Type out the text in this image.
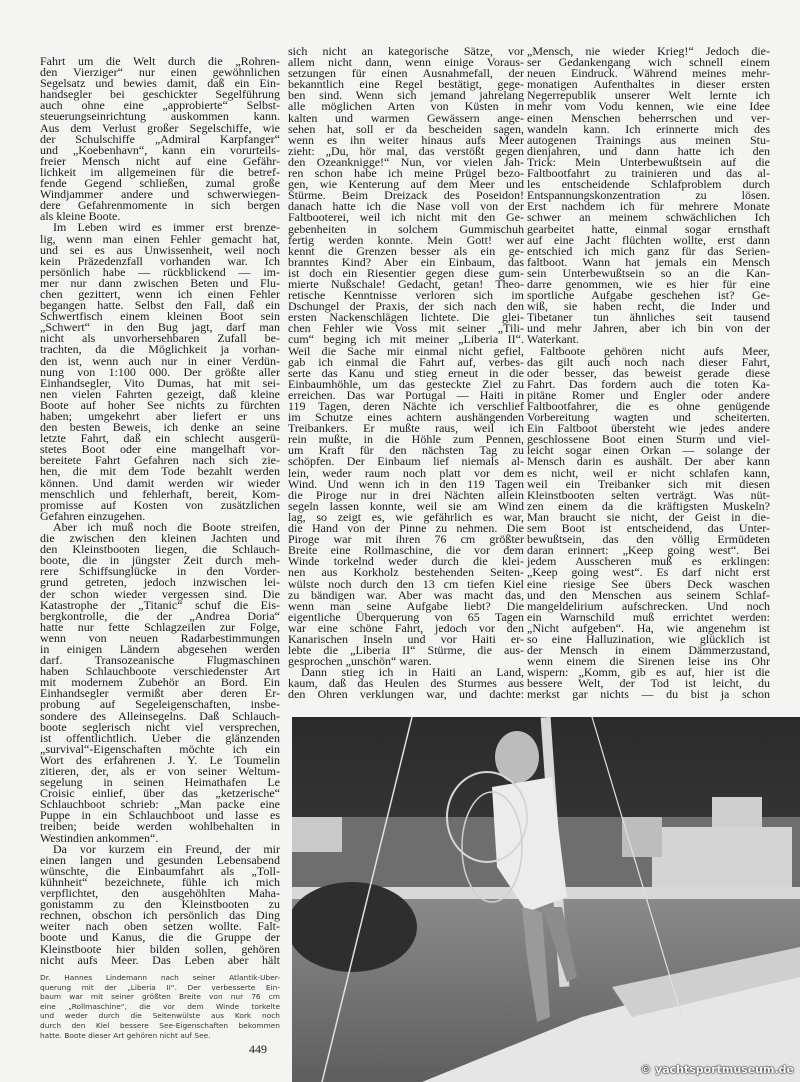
Fahrt um die Welt durch die „Rohren-
den Vierziger“ nur einen gewöhnlichen
Segelsatz und bewies damit, daß ein Ein-
handsegler bei geschickter Segelführung
auch ohne eine „approbierte“ Selbst-
steuerungseinrichtung auskommen kann.
Aus dem Verlust großer Segelschiffe, wie
der Schulschiffe „Admiral Karpfanger“
und „Koebenhavn“, kann ein vorurteils-
freier Mensch nicht auf eine Gefähr-
lichkeit im allgemeinen für die betref-
fende Gegend schließen, zumal große
Windjammer andere und schwerwiegen-
dere Gefahrenmomente in sich bergen
als kleine Boote.
Im Leben wird es immer erst brenze-
lig, wenn man einen Fehler gemacht hat,
und sei es aus Unwissenheit, weil noch
kein Präzedenzfall vorhanden war. Ich
persönlich habe — rückblickend — im-
mer nur dann zwischen Beten und Flu-
chen gezittert, wenn ich einen Fehler
begangen hatte. Selbst den Fall, daß ein
Schwertfisch einem kleinen Boot sein
„Schwert“ in den Bug jagt, darf man
nicht als unvorhersehbaren Zufall be-
trachten, da die Möglichkeit ja vorhan-
den ist, wenn auch nur in einer Verdün-
nung von 1:100 000. Der größte aller
Einhandsegler, Vito Dumas, hat mit sei-
nen vielen Fahrten gezeigt, daß kleine
Boote auf hoher See nichts zu fürchten
haben; umgekehrt aber liefert er uns
den besten Beweis, ich denke an seine
letzte Fahrt, daß ein schlecht ausgerü-
stetes Boot oder eine mangelhaft vor-
bereitete Fahrt Gefahren nach sich zie-
hen, die mit dem Tode bezahlt werden
können. Und damit werden wir wieder
menschlich und fehlerhaft, bereit, Kom-
promisse auf Kosten von zusätzlichen
Gefahren einzugehen.
Aber ich muß noch die Boote streifen,
die zwischen den kleinen Jachten und
den Kleinstbooten liegen, die Schlauch-
boote, die in jüngster Zeit durch meh-
rere Schiffsunglücke in den Vorder-
grund getreten, jedoch inzwischen lei-
der schon wieder vergessen sind. Die
Katastrophe der „Titanic“ schuf die Eis-
bergkontrolle, die der „Andrea Doria“
hatte nur fette Schlagzeilen zur Folge,
wenn von neuen Radarbestimmungen
in einigen Ländern abgesehen werden
darf. Transozeanische Flugmaschinen
haben Schlauchboote verschiedenster Art
mit modernem Zubehör an Bord. Ein
Einhandsegler vermißt aber deren Er-
probung auf Segeleigenschaften, insbe-
sondere des Alleinsegelns. Daß Schlauch-
boote seglerisch nicht viel versprechen,
ist offentlichtlich. Ueber die glänzenden
„survival“-Eigenschaften möchte ich ein
Wort des erfahrenen J. Y. Le Toumelin
zitieren, der, als er von seiner Weltum-
segelung in seinen Heimathafen Le
Croisic einlief, über das „ketzerische“
Schlauchboot schrieb: „Man packe eine
Puppe in ein Schlauchboot und lasse es
treiben; beide werden wohlbehalten in
Westindien ankommen“.
Da vor kurzem ein Freund, der mir
einen langen und gesunden Lebensabend
wünschte, die Einbaumfahrt als „Toll-
kühnheit“ bezeichnete, fühle ich mich
verpflichtet, den ausgehöhlten Maha-
gonistamm zu den Kleinstbooten zu
rechnen, obschon ich persönlich das Ding
weiter nach oben setzen wollte. Falt-
boote und Kanus, die die Gruppe der
Kleinstboote hier bilden sollen, gehören
nicht aufs Meer. Das Leben aber hält
sich nicht an kategorische Sätze, vor
allem nicht dann, wenn einige Voraus-
setzungen für einen Ausnahmefall, der
bekanntlich eine Regel bestätigt, gege-
ben sind. Wenn sich jemand jahrelang
alle möglichen Arten von Küsten in
kalten und warmen Gewässern ange-
sehen hat, soll er da bescheiden sagen,
wenn es ihn weiter hinaus aufs Meer
zieht: „Du, hör mal, das verstößt gegen
den Ozeanknigge!“ Nun, vor vielen Jah-
ren schon habe ich meine Prügel bezo-
gen, wie Kenterung auf dem Meer und
Stürme. Beim Dreizack des Poseidon!
danach hatte ich die Nase voll von der
Faltbooterei, weil ich nicht mit den Ge-
gebenheiten in solchem Gummischuh
fertig werden konnte. Mein Gott! wer
kennt die Grenzen besser als ein ge-
branntes Kind? Aber ein Einbaum, das
ist doch ein Riesentier gegen diese gum-
mierte Nußschale! Gedacht, getan! Theo-
retische Kenntnisse verloren sich im
Dschungel der Praxis, der sich nach den
ersten Nackenschlägen lichtete. Die glei-
chen Fehler wie Voss mit seiner „Tili-
cum“ beging ich mit meiner „Liberia II“.
Weil die Sache mir einmal nicht gefiel,
gab ich einmal die Fahrt auf, verbes-
serte das Kanu und stieg erneut in die
Einbaumhöhle, um das gesteckte Ziel zu
erreichen. Das war Portugal — Haiti in
119 Tagen, deren Nächte ich verschlief
im Schutze eines achtern aushängenden
Treibankers. Er mußte raus, weil ich
rein mußte, in die Höhle zum Pennen,
um Kraft für den nächsten Tag zu
schöpfen. Der Einbaum lief niemals al-
lein, weder raum noch platt vor dem
Wind. Und wenn ich in den 119 Tagen
die Piroge nur in drei Nächten allein
segeln lassen konnte, weil sie am Wind
lag, so zeigt es, wie gefährlich es war,
die Hand von der Pinne zu nehmen. Die
Piroge war mit ihren 76 cm größter
Breite eine Rollmaschine, die vor dem
Winde torkelnd weder durch die klei-
nen aus Korkholz bestehenden Seiten-
wülste noch durch den 13 cm tiefen Kiel
zu bändigen war. Aber was macht das,
wenn man seine Aufgabe liebt? Die
eigentliche Überquerung von 65 Tagen
war eine schöne Fahrt, jedoch vor den
Kanarischen Inseln und vor Haiti er-
lebte die „Liberia II“ Stürme, die aus-
gesprochen „unschön“ waren.
Dann stieg ich in Haiti an Land,
kaum, daß das Heulen des Sturmes aus
den Ohren verklungen war, und dachte:
„Mensch, nie wieder Krieg!“ Jedoch die-
ser Gedankengang wich schnell einem
neuen Eindruck. Während meines mehr-
monatigen Aufenthaltes in dieser ersten
Negerrepublik unserer Welt lernte ich
mehr vom Vodu kennen, wie eine Idee
einen Menschen beherrschen und ver-
wandeln kann. Ich erinnerte mich des
autogenen Trainings aus meinen Stu-
dienjahren, und dann hatte ich den
Trick: Mein Unterbewußtsein auf die
Faltbootfahrt zu trainieren und das al-
les entscheidende Schlafproblem durch
Entspannungskonzentration zu lösen.
Erst nachdem ich für mehrere Monate
schwer an meinem schwächlichen Ich
gearbeitet hatte, einmal sogar ernsthaft
auf eine Jacht flüchten wollte, erst dann
entschied ich mich ganz für das Serien-
faltboot. Wann hat jemals ein Mensch
sein Unterbewußtsein so an die Kan-
darre genommen, wie es hier für eine
sportliche Aufgabe geschehen ist? Ge-
wiß, sie haben recht, die Inder und
Tibetaner tun ähnliches seit tausend
und mehr Jahren, aber ich bin von der
Waterkant.
Faltboote gehören nicht aufs Meer,
das gilt auch noch nach dieser Fahrt,
oder besser, das beweist gerade diese
Fahrt. Das fordern auch die toten Ka-
pitäne Romer und Engler oder andere
Faltbootfahrer, die es ohne genügende
Vorbereitung wagten und scheiterten.
Ein Faltboot übersteht wie jedes andere
geschlossene Boot einen Sturm und viel-
leicht sogar einen Orkan — solange der
Mensch darin es aushält. Der aber kann
es nicht, weil er nicht schlafen kann,
weil ein Treibanker sich mit diesen
Kleinstbooten selten verträgt. Was nüt-
zen einem da die kräftigsten Muskeln?
Man braucht sie nicht, der Geist in die-
sem Boot ist entscheidend, das Unter-
bewußtsein, das den völlig Ermüdeten
daran erinnert: „Keep going west“. Bei
jedem Ausscheren muß es erklingen:
„Keep going west“. Es darf nicht erst
eine riesige See übers Deck waschen
und den Menschen aus seinem Schlaf-
mangeldelirium aufschrecken. Und noch
ein Warnschild muß errichtet werden:
„Nicht aufgeben“. Ha, wie angenehm ist
so eine Halluzination, wie glücklich ist
der Mensch in einem Dämmerzustand,
wenn einem die Sirenen leise ins Ohr
wispern: „Komm, gib es auf, hier ist die
bessere Welt, der Tod ist leicht, du
merkst gar nichts — du bist ja schon
Dr. Hannes Lindemann nach seiner Atlantik-Uber-
querung mit der „Liberia II“. Der verbesserte Ein-
baum war mit seiner größten Breite von nur 76 cm
eine „Rollmaschine“, die vor dem Winde torkelte
und weder durch die Seitenwülste aus Kork noch
durch den Kiel bessere See-Eigenschaften bekommen
hatte. Boote dieser Art gehören nicht auf See.
449
© yachtsportmuseum.de
